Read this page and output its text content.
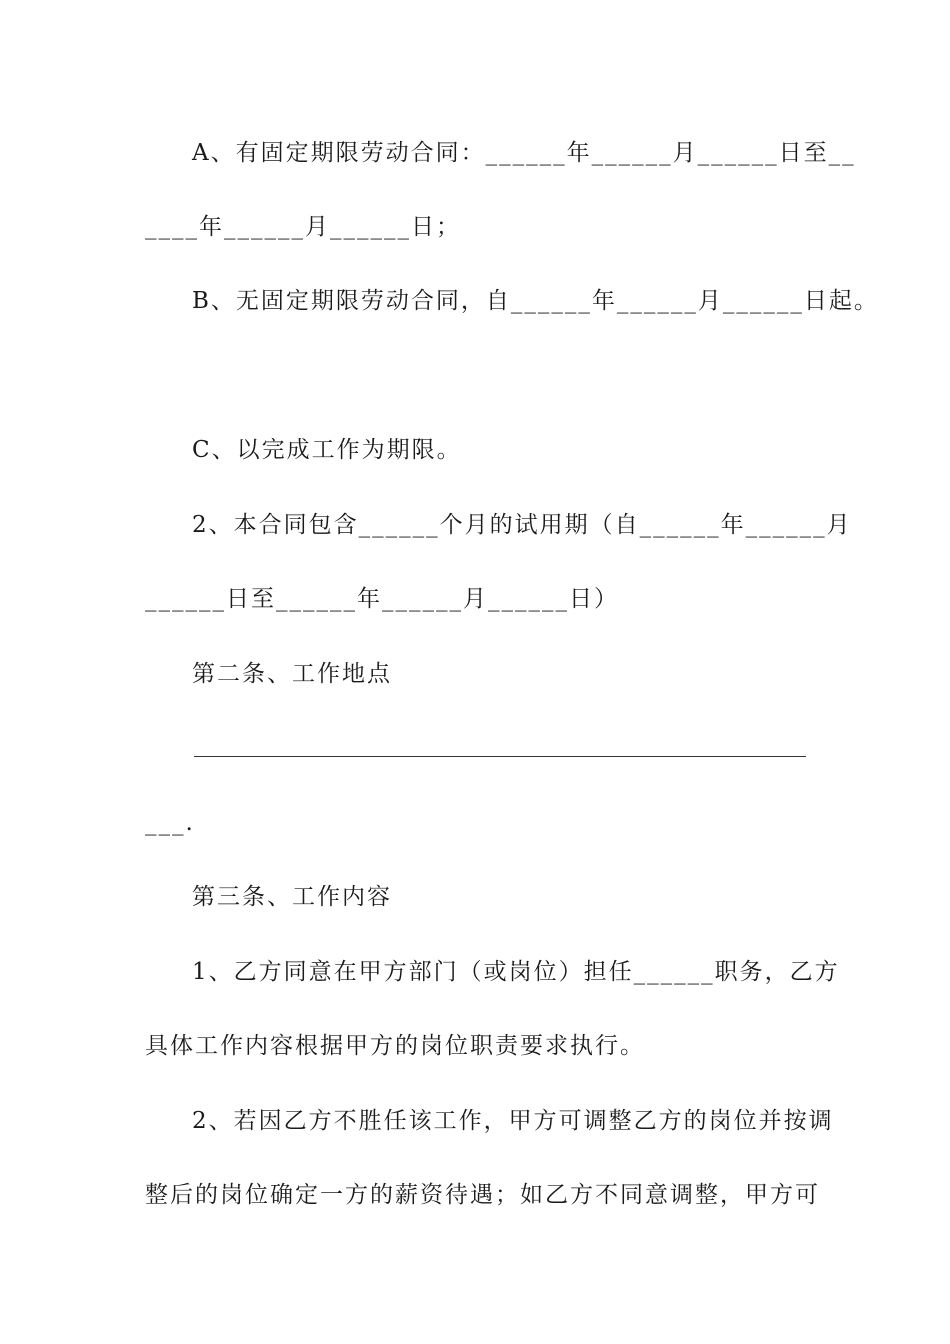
A、有固定期限劳动合同：______年______月______日至__
____年______月______日；
B、无固定期限劳动合同，自______年______月______日起。
C、以完成工作为期限。
2、本合同包含______个月的试用期（自______年______月
______日至______年______月______日）
第二条、工作地点
___.
第三条、工作内容
1、乙方同意在甲方部门（或岗位）担任______职务，乙方
具体工作内容根据甲方的岗位职责要求执行。
2、若因乙方不胜任该工作，甲方可调整乙方的岗位并按调
整后的岗位确定一方的薪资待遇；如乙方不同意调整，甲方可
